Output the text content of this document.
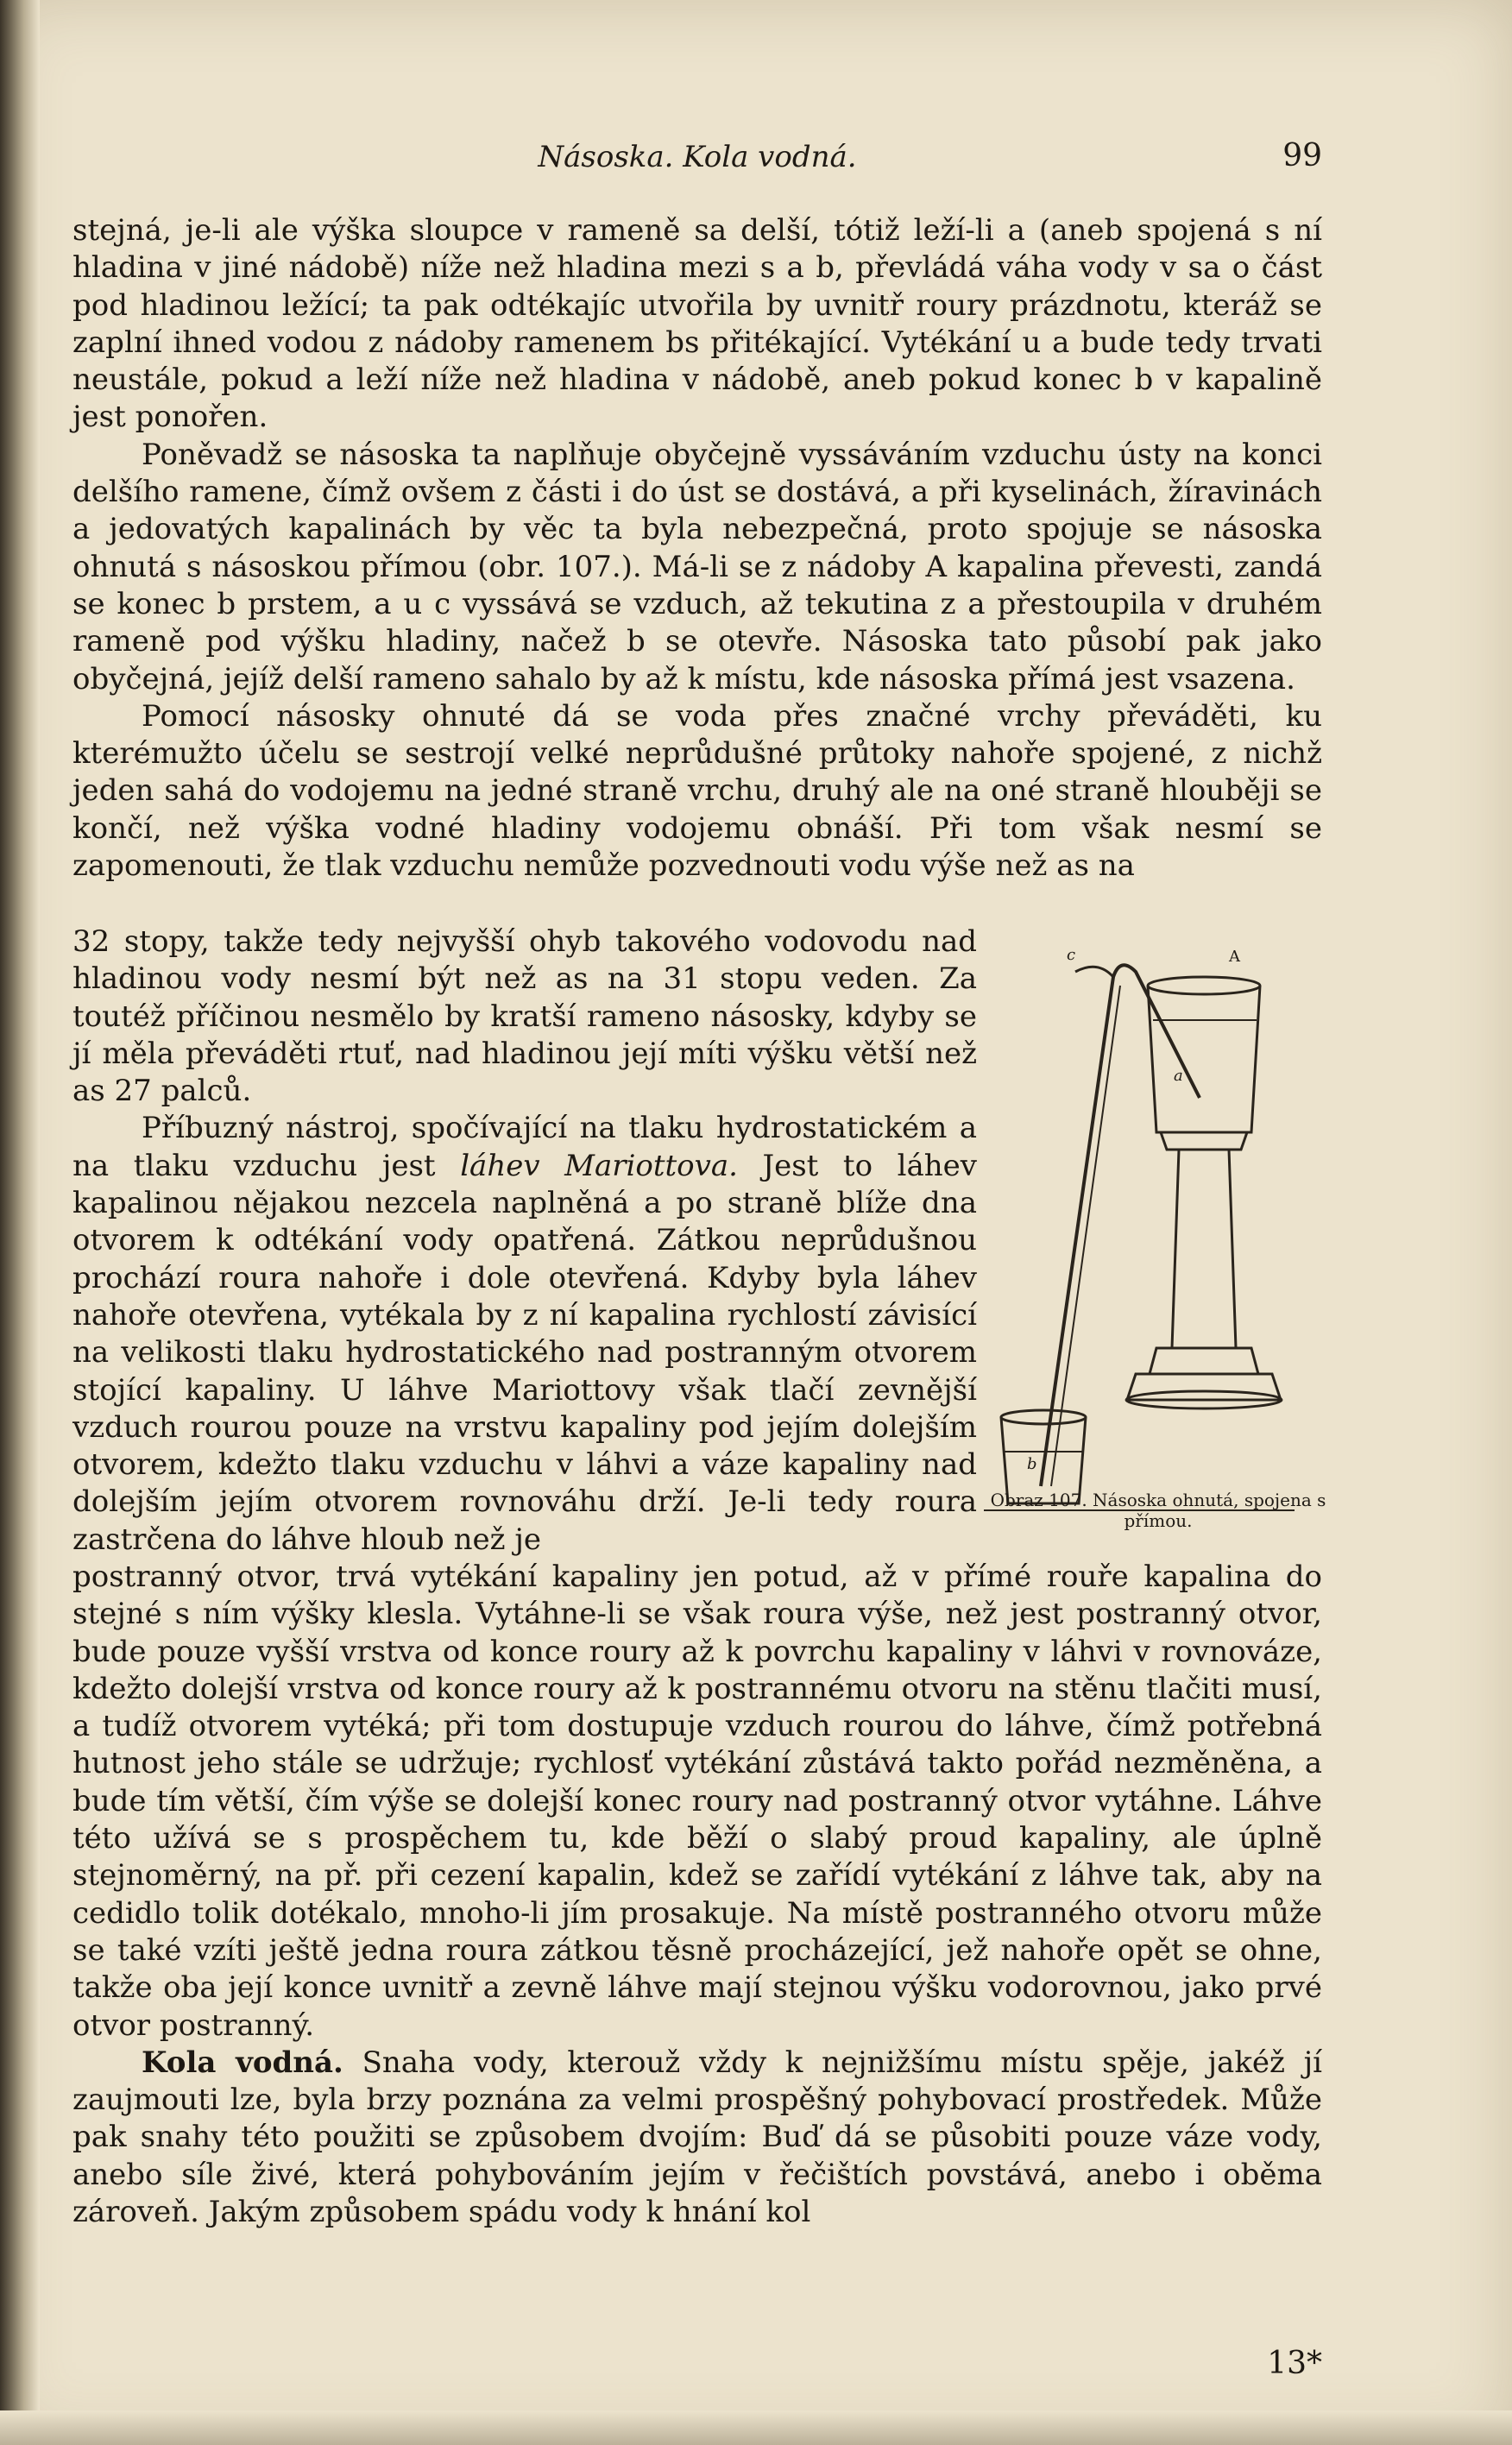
Násoska. Kola vodná.	99

stejná, je-li ale výška sloupce v rameně sa delší, tótiž leží-li a (aneb spojená s ní hladina v jiné nádobě) níže než hladina mezi s a b, převládá váha vody v sa o část pod hladinou ležící; ta pak odtékajíc utvořila by uvnitř roury prázdnotu, kteráž se zaplní ihned vodou z nádoby ramenem bs přitékající. Vytékání u a bude tedy trvati neustále, pokud a leží níže než hladina v nádobě, aneb pokud konec b v kapalině jest ponořen.

Poněvadž se násoska ta naplňuje obyčejně vyssáváním vzduchu ústy na konci delšího ramene, čímž ovšem z části i do úst se dostává, a při kyselinách, žíravinách a jedovatých kapalinách by věc ta byla nebezpečná, proto spojuje se násoska ohnutá s násoskou přímou (obr. 107.). Má-li se z nádoby A kapalina převesti, zandá se konec b prstem, a u c vyssává se vzduch, až tekutina z a přestoupila v druhém rameně pod výšku hladiny, načež b se otevře. Násoska tato působí pak jako obyčejná, jejíž delší rameno sahalo by až k místu, kde násoska přímá jest vsazena.

Pomocí násosky ohnuté dá se voda přes značné vrchy převáděti, ku kterémužto účelu se sestrojí velké neprůdušné průtoky nahoře spojené, z nichž jeden sahá do vodojemu na jedné straně vrchu, druhý ale na oné straně hlouběji se končí, než výška vodné hladiny vodojemu obnáší. Při tom však nesmí se zapomenouti, že tlak vzduchu nemůže pozvednouti vodu výše než as na

32 stopy, takže tedy nejvyšší ohyb takového vodovodu nad hladinou vody nesmí být než as na 31 stopu veden. Za toutéž příčinou nesmělo by kratší rameno násosky, kdyby se jí měla převáděti rtuť, nad hladinou její míti výšku větší než as 27 palců.

Příbuzný nástroj, spočívající na tlaku hydrostatickém a na tlaku vzduchu jest láhev Mariottova. Jest to láhev kapalinou nějakou nezcela naplněná a po straně blíže dna otvorem k odtékání vody opatřená. Zátkou neprůdušnou prochází roura nahoře i dole otevřená. Kdyby byla láhev nahoře otevřena, vytékala by z ní kapalina rychlostí závisící na velikosti tlaku hydrostatického nad postranným otvorem stojící kapaliny. U láhve Mariottovy však tlačí zevnější vzduch rourou pouze na vrstvu kapaliny pod jejím dolejším otvorem, kdežto tlaku vzduchu v láhvi a váze kapaliny nad dolejším jejím otvorem rovnováhu drží. Je-li tedy roura zastrčena do láhve hloub než je

c	A
a
b
Obraz 107. Násoska ohnutá, spojena s přímou.

postranný otvor, trvá vytékání kapaliny jen potud, až v přímé rouře kapalina do stejné s ním výšky klesla. Vytáhne-li se však roura výše, než jest postranný otvor, bude pouze vyšší vrstva od konce roury až k povrchu kapaliny v láhvi v rovnováze, kdežto dolejší vrstva od konce roury až k postrannému otvoru na stěnu tlačiti musí, a tudíž otvorem vytéká; při tom dostupuje vzduch rourou do láhve, čímž potřebná hutnost jeho stále se udržuje; rychlosť vytékání zůstává takto pořád nezměněna, a bude tím větší, čím výše se dolejší konec roury nad postranný otvor vytáhne. Láhve této užívá se s prospěchem tu, kde běží o slabý proud kapaliny, ale úplně stejnoměrný, na př. při cezení kapalin, kdež se zařídí vytékání z láhve tak, aby na cedidlo tolik dotékalo, mnoho-li jím prosakuje. Na místě postranného otvoru může se také vzíti ještě jedna roura zátkou těsně procházející, jež nahoře opět se ohne, takže oba její konce uvnitř a zevně láhve mají stejnou výšku vodorovnou, jako prvé otvor postranný.

Kola vodná. Snaha vody, kterouž vždy k nejnižšímu místu spěje, jakéž jí zaujmouti lze, byla brzy poznána za velmi prospěšný pohybovací prostředek. Může pak snahy této použiti se způsobem dvojím: Buď dá se působiti pouze váze vody, anebo síle živé, která pohybováním jejím v řečištích povstává, anebo i oběma zároveň. Jakým způsobem spádu vody k hnání kol

13*
